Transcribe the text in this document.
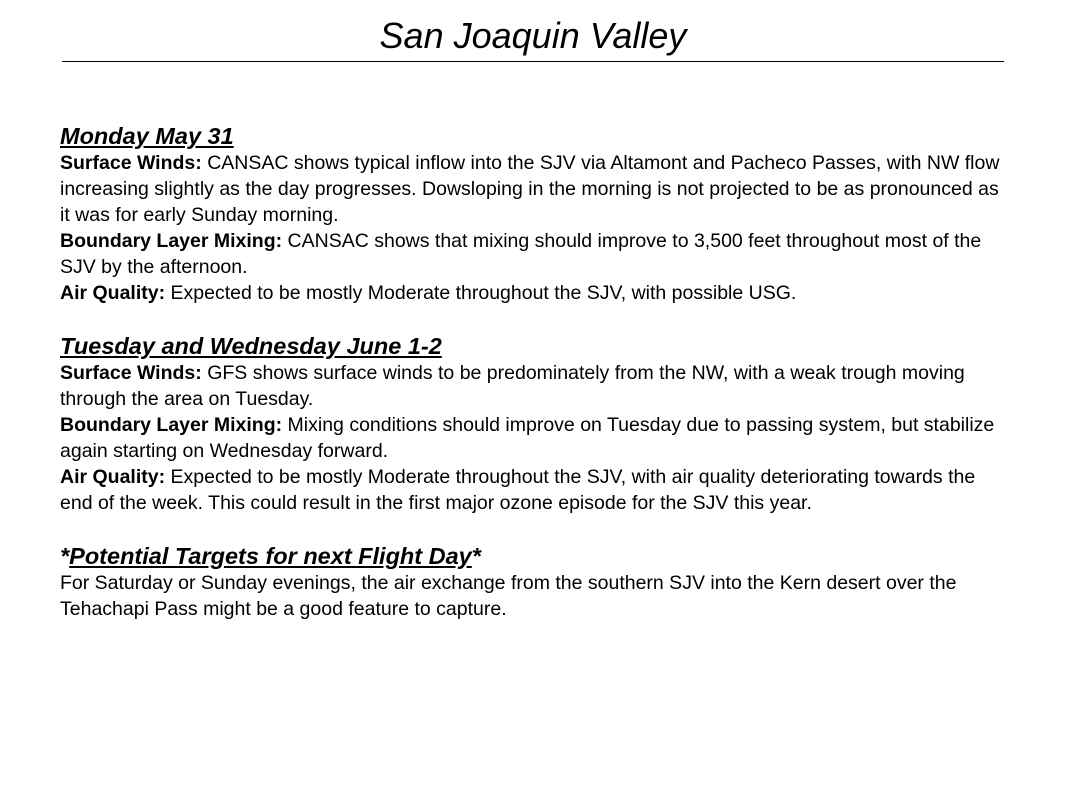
San Joaquin Valley
Monday May 31

Surface Winds: CANSAC shows typical inflow into the SJV via Altamont and Pacheco Passes, with NW flow increasing slightly as the day progresses. Dowsloping in the morning is not projected to be as pronounced as it was for early Sunday morning.

Boundary Layer Mixing: CANSAC shows that mixing should improve to 3,500 feet throughout most of the SJV by the afternoon.

Air Quality: Expected to be mostly Moderate throughout the SJV, with possible USG.

Tuesday and Wednesday June 1-2

Surface Winds: GFS shows surface winds to be predominately from the NW, with a weak trough moving through the area on Tuesday.

Boundary Layer Mixing: Mixing conditions should improve on Tuesday due to passing system, but stabilize again starting on Wednesday forward.

Air Quality: Expected to be mostly Moderate throughout the SJV, with air quality deteriorating towards the end of the week. This could result in the first major ozone episode for the SJV this year.

*Potential Targets for next Flight Day*

For Saturday or Sunday evenings, the air exchange from the southern SJV into the Kern desert over the Tehachapi Pass might be a good feature to capture.
